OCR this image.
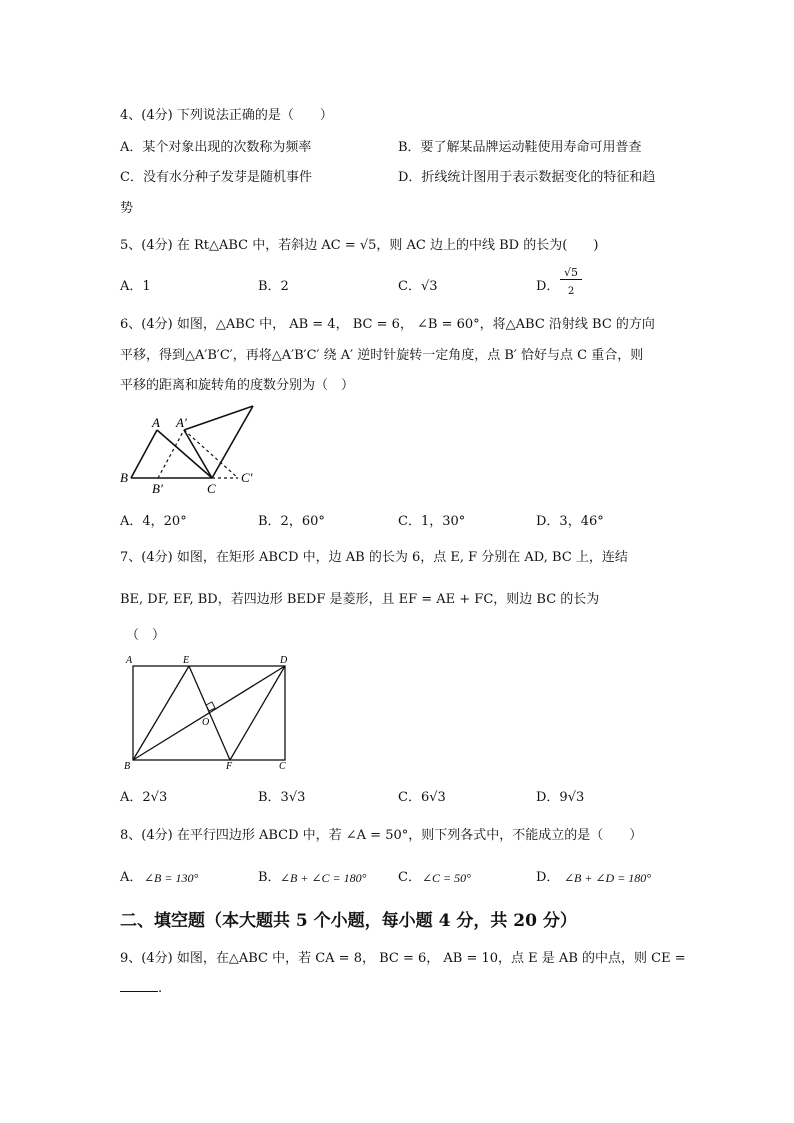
4、(4分) 下列说法正确的是（　　）
A．某个对象出现的次数称为频率	B．要了解某品牌运动鞋使用寿命可用普查
C．没有水分种子发芽是随机事件	D．折线统计图用于表示数据变化的特征和趋
势
5、(4分) 在 Rt△ABC 中，若斜边 AC = √5，则 AC 边上的中线 BD 的长为(　　)
A．1	B．2	C．√3	D．
√5
2
6、(4分) 如图，△ABC 中， AB = 4， BC = 6， ∠B = 60°，将△ABC 沿射线 BC 的方向
平移，得到△A′B′C′，再将△A′B′C′ 绕 A′ 逆时针旋转一定角度，点 B′ 恰好与点 C 重合，则
平移的距离和旋转角的度数分别为（　）
A A′
B
B′	C
C′
A．4，20°	B．2，60°	C．1，30°	D．3，46°
7、(4分) 如图，在矩形 ABCD 中，边 AB 的长为 6，点 E, F 分别在 AD, BC 上，连结
BE, DF, EF, BD，若四边形 BEDF 是菱形，且 EF = AE + FC，则边 BC 的长为
（　）
A	E	D
O
B	F	C
A．2√3	B．3√3	C．6√3	D．9√3
8、(4分) 在平行四边形 ABCD 中，若 ∠A = 50°，则下列各式中，不能成立的是（　　）
A． ∠B = 130°	B． ∠B + ∠C = 180° C． ∠C = 50°	D． ∠B + ∠D = 180°
二、填空题（本大题共 5 个小题，每小题 4 分，共 20 分）
9、(4分) 如图，在△ABC 中，若 CA = 8， BC = 6， AB = 10，点 E 是 AB 的中点，则 CE =
.
